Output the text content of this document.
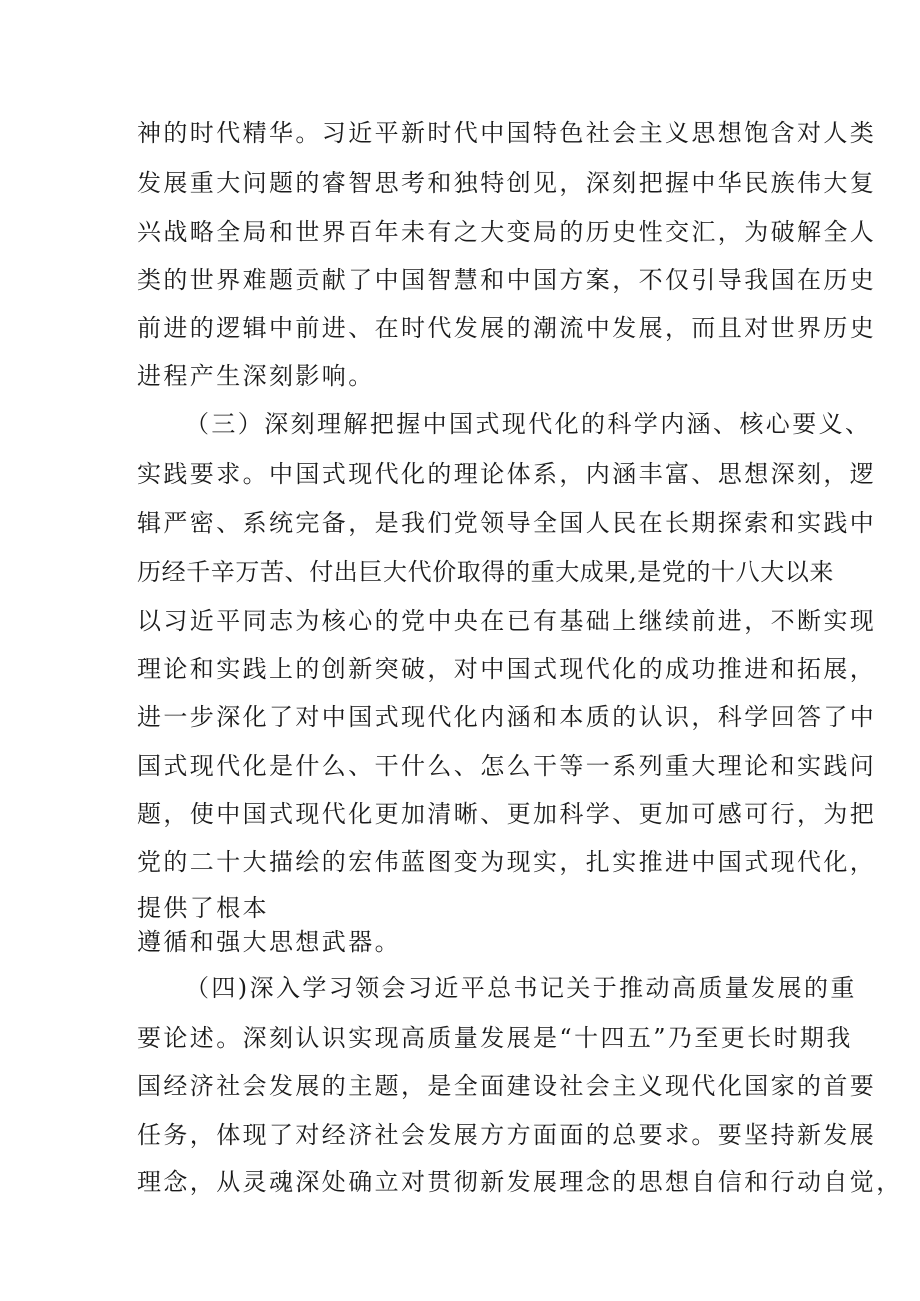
神的时代精华。习近平新时代中国特色社会主义思想饱含对人类
发展重大问题的睿智思考和独特创见，深刻把握中华民族伟大复
兴战略全局和世界百年未有之大变局的历史性交汇，为破解全人
类的世界难题贡献了中国智慧和中国方案，不仅引导我国在历史
前进的逻辑中前进、在时代发展的潮流中发展，而且对世界历史
进程产生深刻影响。
（三）深刻理解把握中国式现代化的科学内涵、核心要义、
实践要求。中国式现代化的理论体系，内涵丰富、思想深刻，逻
辑严密、系统完备，是我们党领导全国人民在长期探索和实践中
历经千辛万苦、付出巨大代价取得的重大成果,是党的十八大以来
以习近平同志为核心的党中央在已有基础上继续前进，不断实现
理论和实践上的创新突破，对中国式现代化的成功推进和拓展，
进一步深化了对中国式现代化内涵和本质的认识，科学回答了中
国式现代化是什么、干什么、怎么干等一系列重大理论和实践问
题，使中国式现代化更加清晰、更加科学、更加可感可行，为把
党的二十大描绘的宏伟蓝图变为现实，扎实推进中国式现代化，
提供了根本
遵循和强大思想武器。
（四)深入学习领会习近平总书记关于推动高质量发展的重
要论述。深刻认识实现高质量发展是“十四五”乃至更长时期我
国经济社会发展的主题，是全面建设社会主义现代化国家的首要
任务，体现了对经济社会发展方方面面的总要求。要坚持新发展
理念，从灵魂深处确立对贯彻新发展理念的思想自信和行动自觉，
